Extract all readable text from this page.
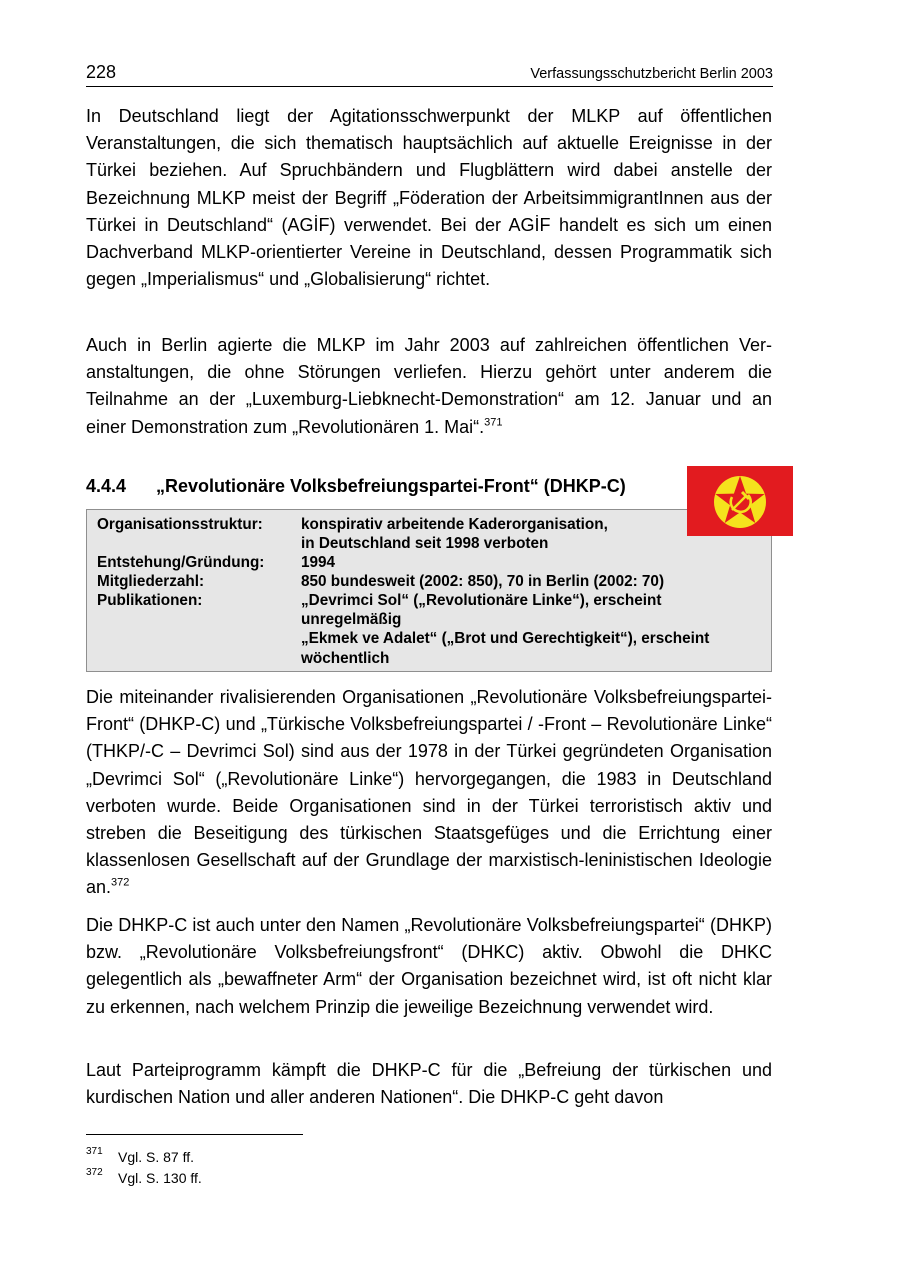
228	Verfassungsschutzbericht Berlin 2003

In Deutschland liegt der Agitationsschwerpunkt der MLKP auf öffentlichen Veranstaltungen, die sich thematisch hauptsächlich auf aktuelle Ereignisse in der Türkei beziehen. Auf Spruchbändern und Flugblättern wird dabei anstelle der Bezeichnung MLKP meist der Begriff „Föderation der ArbeitsimmigrantInnen aus der Türkei in Deutschland“ (AGİF) verwendet. Bei der AGİF handelt es sich um einen Dachverband MLKP-orientierter Vereine in Deutschland, dessen Programmatik sich gegen „Imperialismus“ und „Globalisierung“ richtet.

Auch in Berlin agierte die MLKP im Jahr 2003 auf zahlreichen öffentlichen Veranstaltungen, die ohne Störungen verliefen. Hierzu gehört unter anderem die Teilnahme an der „Luxemburg-Liebknecht-Demonstration“ am 12. Januar und an einer Demonstration zum „Revolutionären 1. Mai“.$^{371}$

4.4.4 „Revolutionäre Volksbefreiungspartei-Front“ (DHKP-C)
Organisationsstruktur:	konspirativ arbeitende Kaderorganisation,
in Deutschland seit 1998 verboten
Entstehung/Gründung: 1994
Mitgliederzahl:	850 bundesweit (2002: 850), 70 in Berlin (2002: 70)
Publikationen:	„Devrimci Sol“ („Revolutionäre Linke“), erscheint unregelmäßig
„Ekmek ve Adalet“ („Brot und Gerechtigkeit“), erscheint wöchentlich

Die miteinander rivalisierenden Organisationen „Revolutionäre Volksbefreiungspartei-Front“ (DHKP-C) und „Türkische Volksbefreiungspartei / -Front – Revolutionäre Linke“ (THKP/-C – Devrimci Sol) sind aus der 1978 in der Türkei gegründeten Organisation „Devrimci Sol“ („Revolutionäre Linke“) hervorgegangen, die 1983 in Deutschland verboten wurde. Beide Organisationen sind in der Türkei terroristisch aktiv und streben die Beseitigung des türkischen Staatsgefüges und die Errichtung einer klassenlosen Gesellschaft auf der Grundlage der marxistisch-leninistischen Ideologie an.$^{372}$

Die DHKP-C ist auch unter den Namen „Revolutionäre Volksbefreiungspartei“ (DHKP) bzw. „Revolutionäre Volksbefreiungsfront“ (DHKC) aktiv. Obwohl die DHKC gelegentlich als „bewaffneter Arm“ der Organisation bezeichnet wird, ist oft nicht klar zu erkennen, nach welchem Prinzip die jeweilige Bezeichnung verwendet wird.

Laut Parteiprogramm kämpft die DHKP-C für die „Befreiung der türkischen und kurdischen Nation und aller anderen Nationen“. Die DHKP-C geht davon

371 Vgl. S. 87 ff.
372 Vgl. S. 130 ff.
